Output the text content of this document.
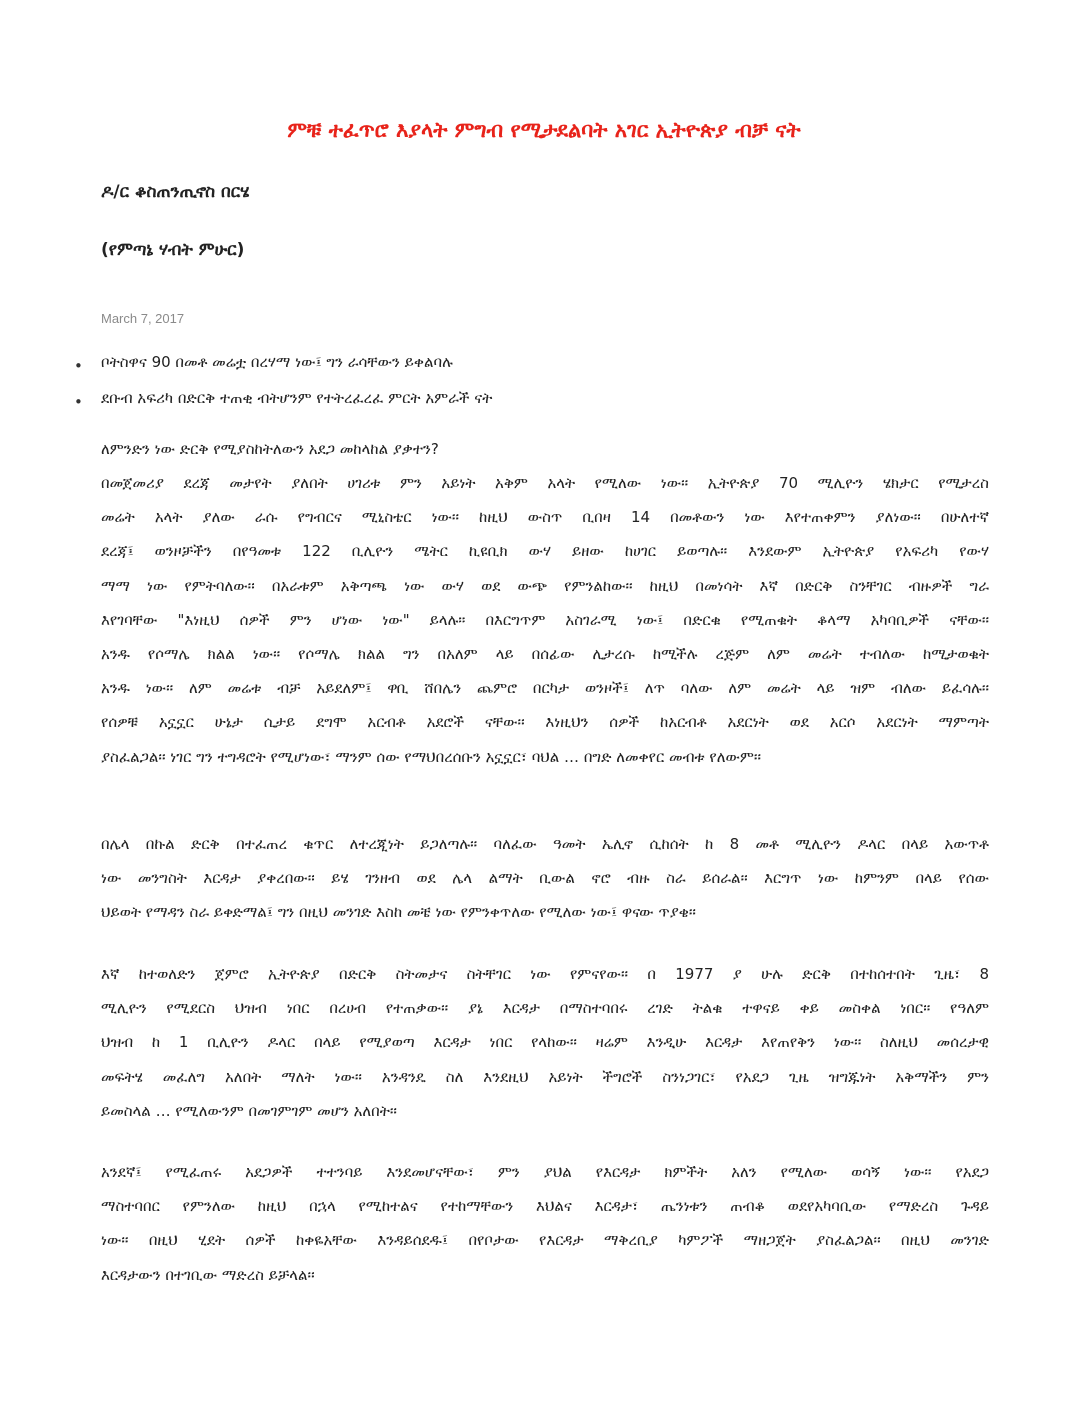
ምቹ ተፈጥሮ እያላት ምግብ የሚታደልባት አገር ኢትዮጵያ ብቻ ናት

ዶ/ር ቆስጠንጢኖስ በርሄ

(የምጣኔ ሃብት ምሁር)

March 7, 2017

• ቦትስዋና 90 በመቶ መሬቷ በረሃማ ነው፤ ግን ራሳቸውን ይቀልባሉ
• ደቡብ አፍሪካ በድርቅ ተጠቂ ብትሆንም የተትረፈረፈ ምርት አምራች ናት

ለምንድን ነው ድርቅ የሚያስከትለውን አደጋ መከላከል ያቃተን?

በመጀመሪያ ደረጃ መታየት ያለበት ሀገሪቱ ምን አይነት አቅም አላት የሚለው ነው፡፡ ኢትዮጵያ 70 ሚሊዮን ሄክታር የሚታረስ
መሬት አላት ያለው ራሱ የግብርና ሚኒስቴር ነው፡፡ ከዚህ ውስጥ ቢበዛ 14 በመቶውን ነው እየተጠቀምን ያለነው፡፡ በሁለተኛ
ደረጃ፤ ወንዞቻችን በየዓመቱ 122 ቢሊዮን ሜትር ኪዩቢክ ውሃ ይዘው ከሀገር ይወጣሉ፡፡ እንደውም ኢትዮጵያ የአፍሪካ የውሃ
ማማ ነው የምትባለው፡፡ በአራቱም አቅጣጫ ነው ውሃ ወደ ውጭ የምንልከው፡፡ ከዚህ በመነሳት እኛ በድርቅ ስንቸገር ብዙዎች ግራ
እየገባቸው "እነዚህ ሰዎች ምን ሆነው ነው" ይላሉ። በእርግጥም አስገራሚ ነው፤ በድርቁ የሚጠቁት ቆላማ አካባቢዎች ናቸው፡፡
አንዱ የሶማሌ ክልል ነው፡፡ የሶማሌ ክልል ግን በአለም ላይ በሰፊው ሊታረሱ ከሚችሉ ረጅም ለም መሬት ተብለው ከሚታወቁት
አንዱ ነው፡፡ ለም መሬቱ ብቻ አይደለም፤ ዋቢ ሸበሌን ጨምሮ በርካታ ወንዞች፤ ለጥ ባለው ለም መሬት ላይ ዝም ብለው ይፈሳሉ፡፡
የሰዎቹ አኗኗር ሁኔታ ሲታይ ደግሞ አርብቶ አደሮች ናቸው፡፡ እነዚህን ሰዎች ከአርብቶ አደርነት ወደ አርሶ አደርነት ማምጣት
ያስፈልጋል፡፡ ነገር ግን ተግዳሮት የሚሆነው፣ ማንም ሰው የማህበረሰቡን አኗኗር፣ ባህል … በግድ ለመቀየር መብቱ የለውም፡፡

በሌላ በኩል ድርቅ በተፈጠረ ቁጥር ለተረጂነት ይጋለጣሉ፡፡ ባለፈው ዓመት ኤሊኖ ሲከሰት ከ 8 መቶ ሚሊዮን ዶላር በላይ አውጥቶ
ነው መንግስት እርዳታ ያቀረበው፡፡ ይሄ ገንዘብ ወደ ሌላ ልማት ቢውል ኖሮ ብዙ ስራ ይሰራል፡፡ እርግጥ ነው ከምንም በላይ የሰው
ህይወት የማዳን ስራ ይቀድማል፤ ግን በዚህ መንገድ እስከ መቼ ነው የምንቀጥለው የሚለው ነው፤ ዋናው ጥያቄ፡፡

እኛ ከተወለድን ጀምሮ ኢትዮጵያ በድርቅ ስትመታና ስትቸገር ነው የምናየው፡፡ በ 1977 ያ ሁሉ ድርቅ በተከሰተበት ጊዜ፣ 8
ሚሊዮን የሚደርስ ህዝብ ነበር በረሀብ የተጠቃው፡፡ ያኔ እርዳታ በማስተባበሩ ረገድ ትልቁ ተዋናይ ቀይ መስቀል ነበር፡፡ የዓለም
ህዝብ ከ 1 ቢሊዮን ዶላር በላይ የሚያወጣ እርዳታ ነበር የላከው፡፡ ዛሬም እንዲሁ እርዳታ እየጠየቅን ነው፡፡ ስለዚህ መሰረታዊ
መፍትሄ መፈለግ አለበት ማለት ነው፡፡ አንዳንዴ ስለ እንደዚህ አይነት ችግሮች ስንነጋገር፣ የአደጋ ጊዜ ዝግጁነት አቅማችን ምን
ይመስላል … የሚለውንም በመገምገም መሆን አለበት፡፡

አንደኛ፤ የሚፈጠሩ አደጋዎች ተተንባይ እንደመሆናቸው፣ ምን ያህል የእርዳታ ክምችት አለን የሚለው ወሳኝ ነው፡፡ የአደጋ
ማስተባበር የምንለው ከዚህ በኋላ የሚከተልና የተከማቸውን እህልና እርዳታ፣ ጤንነቱን ጠብቆ ወደየአካባቢው የማድረስ ጉዳይ
ነው፡፡ በዚህ ሂደት ሰዎች ከቀዬአቸው እንዳይሰደዱ፤ በየቦታው የእርዳታ ማቅረቢያ ካምፖች ማዘጋጀት ያስፈልጋል፡፡ በዚህ መንገድ
እርዳታውን በተገቢው ማድረስ ይቻላል፡፡
